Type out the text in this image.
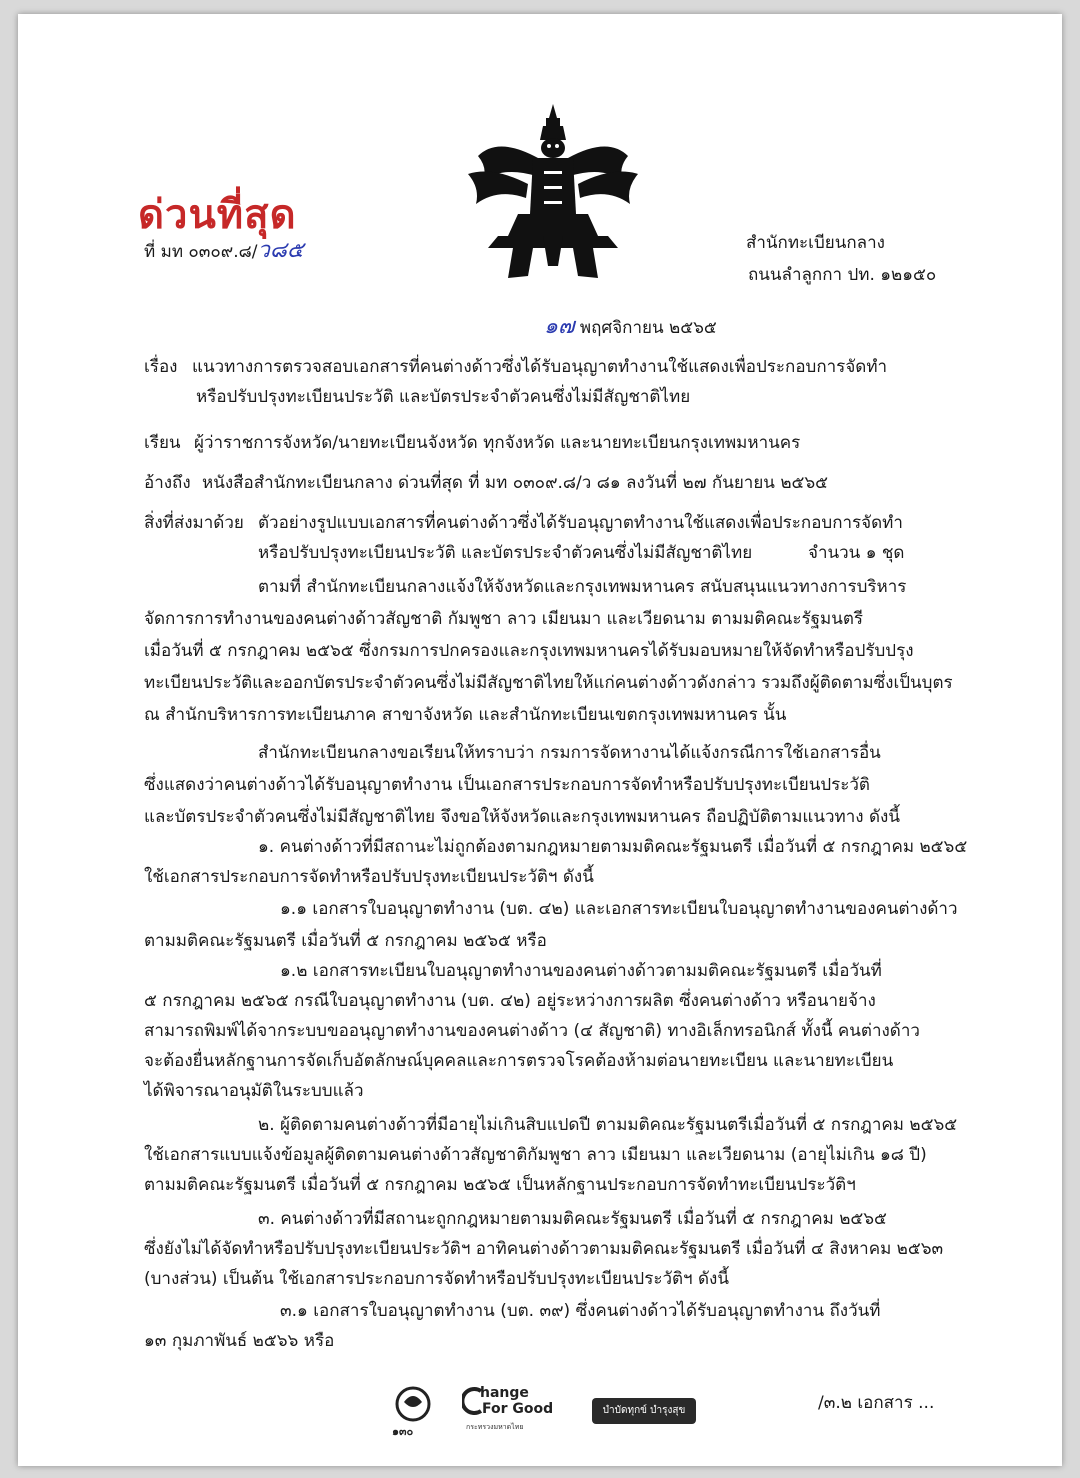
ด่วนที่สุด
ที่ มท ๐๓๐๙.๘/ว๘๕	สำนักทะเบียนกลาง
ถนนลำลูกกา ปท. ๑๒๑๕๐
๑๗ พฤศจิกายน ๒๕๖๕
เรื่อง แนวทางการตรวจสอบเอกสารที่คนต่างด้าวซึ่งได้รับอนุญาตทำงานใช้แสดงเพื่อประกอบการจัดทำ
หรือปรับปรุงทะเบียนประวัติ และบัตรประจำตัวคนซึ่งไม่มีสัญชาติไทย
เรียน ผู้ว่าราชการจังหวัด/นายทะเบียนจังหวัด ทุกจังหวัด และนายทะเบียนกรุงเทพมหานคร
อ้างถึง หนังสือสำนักทะเบียนกลาง ด่วนที่สุด ที่ มท ๐๓๐๙.๘/ว ๘๑ ลงวันที่ ๒๗ กันยายน ๒๕๖๕
สิ่งที่ส่งมาด้วย ตัวอย่างรูปแบบเอกสารที่คนต่างด้าวซึ่งได้รับอนุญาตทำงานใช้แสดงเพื่อประกอบการจัดทำ
หรือปรับปรุงทะเบียนประวัติ และบัตรประจำตัวคนซึ่งไม่มีสัญชาติไทย	จำนวน ๑ ชุด
ตามที่ สำนักทะเบียนกลางแจ้งให้จังหวัดและกรุงเทพมหานคร สนับสนุนแนวทางการบริหาร
จัดการการทำงานของคนต่างด้าวสัญชาติ กัมพูชา ลาว เมียนมา และเวียดนาม ตามมติคณะรัฐมนตรี
เมื่อวันที่ ๕ กรกฎาคม ๒๕๖๕ ซึ่งกรมการปกครองและกรุงเทพมหานครได้รับมอบหมายให้จัดทำหรือปรับปรุง
ทะเบียนประวัติและออกบัตรประจำตัวคนซึ่งไม่มีสัญชาติไทยให้แก่คนต่างด้าวดังกล่าว รวมถึงผู้ติดตามซึ่งเป็นบุตร
ณ สำนักบริหารการทะเบียนภาค สาขาจังหวัด และสำนักทะเบียนเขตกรุงเทพมหานคร นั้น
สำนักทะเบียนกลางขอเรียนให้ทราบว่า กรมการจัดหางานได้แจ้งกรณีการใช้เอกสารอื่น
ซึ่งแสดงว่าคนต่างด้าวได้รับอนุญาตทำงาน เป็นเอกสารประกอบการจัดทำหรือปรับปรุงทะเบียนประวัติ
และบัตรประจำตัวคนซึ่งไม่มีสัญชาติไทย จึงขอให้จังหวัดและกรุงเทพมหานคร ถือปฏิบัติตามแนวทาง ดังนี้
๑. คนต่างด้าวที่มีสถานะไม่ถูกต้องตามกฎหมายตามมติคณะรัฐมนตรี เมื่อวันที่ ๕ กรกฎาคม ๒๕๖๕
ใช้เอกสารประกอบการจัดทำหรือปรับปรุงทะเบียนประวัติฯ ดังนี้
๑.๑ เอกสารใบอนุญาตทำงาน (บต. ๔๒) และเอกสารทะเบียนใบอนุญาตทำงานของคนต่างด้าว
ตามมติคณะรัฐมนตรี เมื่อวันที่ ๕ กรกฎาคม ๒๕๖๕ หรือ
๑.๒ เอกสารทะเบียนใบอนุญาตทำงานของคนต่างด้าวตามมติคณะรัฐมนตรี เมื่อวันที่
๕ กรกฎาคม ๒๕๖๕ กรณีใบอนุญาตทำงาน (บต. ๔๒) อยู่ระหว่างการผลิต ซึ่งคนต่างด้าว หรือนายจ้าง
สามารถพิมพ์ได้จากระบบขออนุญาตทำงานของคนต่างด้าว (๔ สัญชาติ) ทางอิเล็กทรอนิกส์ ทั้งนี้ คนต่างด้าว
จะต้องยื่นหลักฐานการจัดเก็บอัตลักษณ์บุคคลและการตรวจโรคต้องห้ามต่อนายทะเบียน และนายทะเบียน
ได้พิจารณาอนุมัติในระบบแล้ว
๒. ผู้ติดตามคนต่างด้าวที่มีอายุไม่เกินสิบแปดปี ตามมติคณะรัฐมนตรีเมื่อวันที่ ๕ กรกฎาคม ๒๕๖๕
ใช้เอกสารแบบแจ้งข้อมูลผู้ติดตามคนต่างด้าวสัญชาติกัมพูชา ลาว เมียนมา และเวียดนาม (อายุไม่เกิน ๑๘ ปี)
ตามมติคณะรัฐมนตรี เมื่อวันที่ ๕ กรกฎาคม ๒๕๖๕ เป็นหลักฐานประกอบการจัดทำทะเบียนประวัติฯ
๓. คนต่างด้าวที่มีสถานะถูกกฎหมายตามมติคณะรัฐมนตรี เมื่อวันที่ ๕ กรกฎาคม ๒๕๖๕
ซึ่งยังไม่ได้จัดทำหรือปรับปรุงทะเบียนประวัติฯ อาทิคนต่างด้าวตามมติคณะรัฐมนตรี เมื่อวันที่ ๔ สิงหาคม ๒๕๖๓
(บางส่วน) เป็นต้น ใช้เอกสารประกอบการจัดทำหรือปรับปรุงทะเบียนประวัติฯ ดังนี้
๓.๑ เอกสารใบอนุญาตทำงาน (บต. ๓๙) ซึ่งคนต่างด้าวได้รับอนุญาตทำงาน ถึงวันที่
๑๓ กุมภาพันธ์ ๒๕๖๖ หรือ
๑๓๐
hange
For Good
กระทรวงมหาดไทย
บำบัดทุกข์ บำรุงสุข	/๓.๒ เอกสาร ...
